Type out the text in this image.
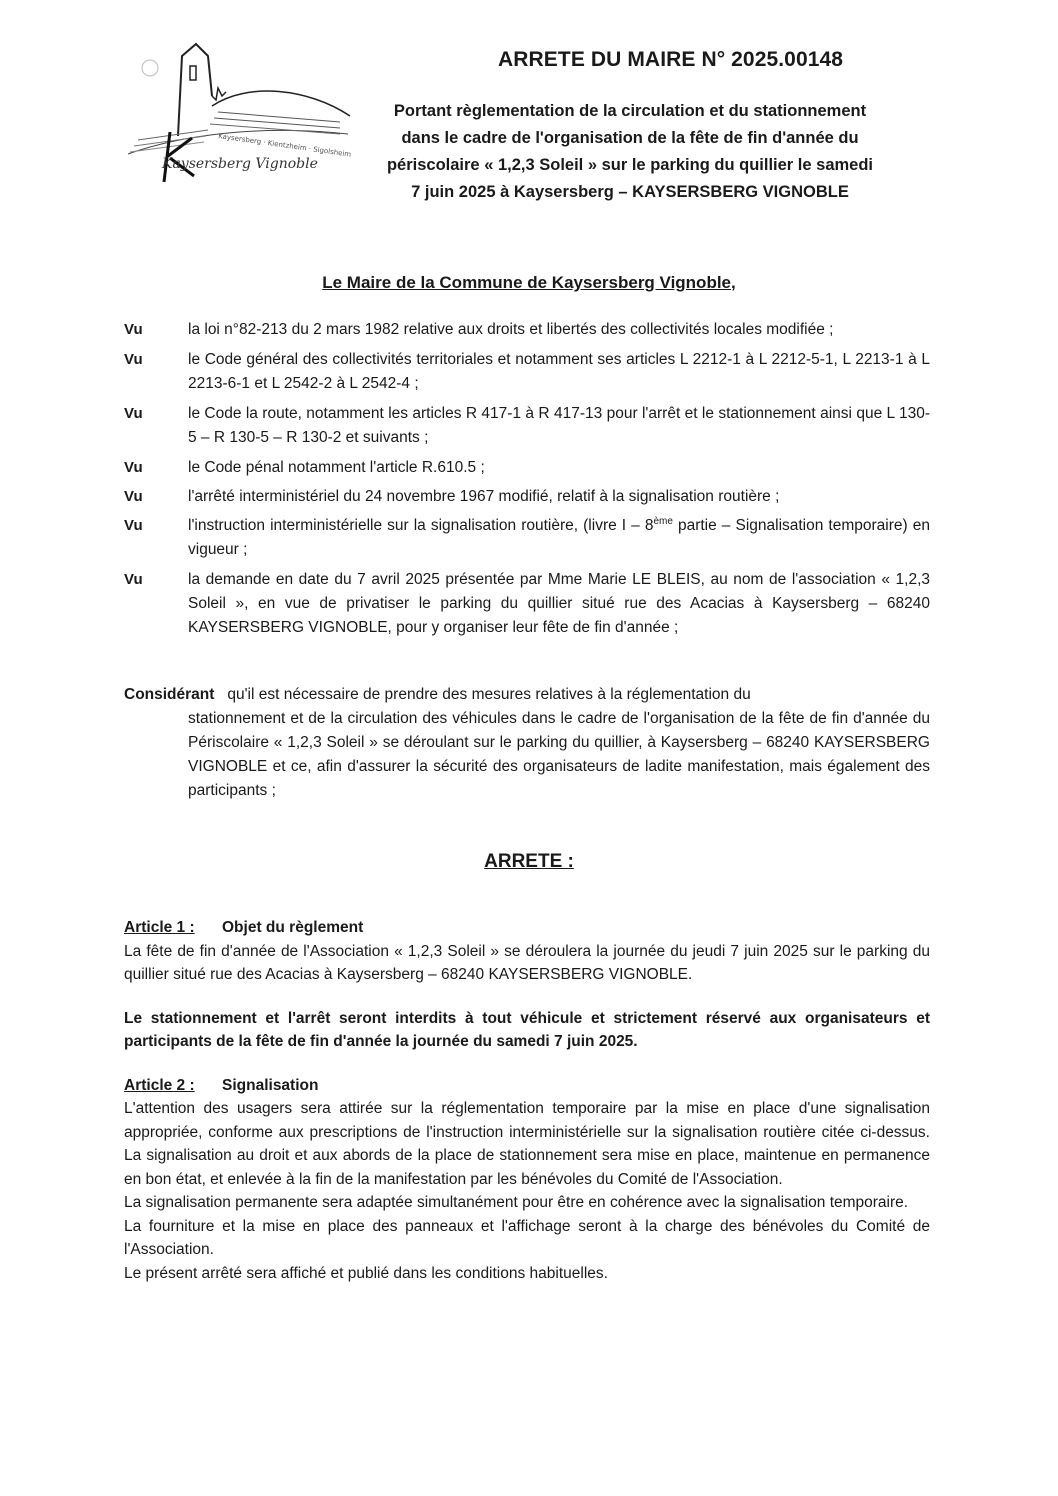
Kaysersberg · Kientzheim · Sigolsheim
Kaysersberg Vignoble
ARRETE DU MAIRE N° 2025.00148
Portant règlementation de la circulation et du stationnement
dans le cadre de l'organisation de la fête de fin d'année du
périscolaire « 1,2,3 Soleil » sur le parking du quillier le samedi
7 juin 2025 à Kaysersberg – KAYSERSBERG VIGNOBLE
Le Maire de la Commune de Kaysersberg Vignoble,
Vu	la loi n°82-213 du 2 mars 1982 relative aux droits et libertés des collectivités locales modifiée ;
Vu	le Code général des collectivités territoriales et notamment ses articles L 2212-1 à L 2212-5-1, L 2213-1 à L 2213-6-1 et L 2542-2 à L 2542-4 ;
Vu	le Code la route, notamment les articles R 417-1 à R 417-13 pour l'arrêt et le stationnement ainsi que L 130-5 – R 130-5 – R 130-2 et suivants ;
Vu	le Code pénal notamment l'article R.610.5 ;
Vu	l'arrêté interministériel du 24 novembre 1967 modifié, relatif à la signalisation routière ;
Vu	l'instruction interministérielle sur la signalisation routière, (livre I – 8ème partie – Signalisation temporaire) en vigueur ;
Vu	la demande en date du 7 avril 2025 présentée par Mme Marie LE BLEIS, au nom de l'association « 1,2,3 Soleil », en vue de privatiser le parking du quillier situé rue des Acacias à Kaysersberg – 68240 KAYSERSBERG VIGNOBLE, pour y organiser leur fête de fin d'année ;
Considérant qu'il est nécessaire de prendre des mesures relatives à la réglementation du
stationnement et de la circulation des véhicules dans le cadre de l'organisation de la fête de fin d'année du Périscolaire « 1,2,3 Soleil » se déroulant sur le parking du quillier, à Kaysersberg – 68240 KAYSERSBERG VIGNOBLE et ce, afin d'assurer la sécurité des organisateurs de ladite manifestation, mais également des participants ;
ARRETE :

Article 1 : Objet du règlement

La fête de fin d'année de l'Association « 1,2,3 Soleil » se déroulera la journée du jeudi 7 juin 2025 sur le parking du quillier situé rue des Acacias à Kaysersberg – 68240 KAYSERSBERG VIGNOBLE.

Le stationnement et l'arrêt seront interdits à tout véhicule et strictement réservé aux organisateurs et participants de la fête de fin d'année la journée du samedi 7 juin 2025.

Article 2 : Signalisation

L'attention des usagers sera attirée sur la réglementation temporaire par la mise en place d'une signalisation appropriée, conforme aux prescriptions de l'instruction interministérielle sur la signalisation routière citée ci-dessus. La signalisation au droit et aux abords de la place de stationnement sera mise en place, maintenue en permanence en bon état, et enlevée à la fin de la manifestation par les bénévoles du Comité de l'Association.

La signalisation permanente sera adaptée simultanément pour être en cohérence avec la signalisation temporaire.

La fourniture et la mise en place des panneaux et l'affichage seront à la charge des bénévoles du Comité de l'Association.

Le présent arrêté sera affiché et publié dans les conditions habituelles.
